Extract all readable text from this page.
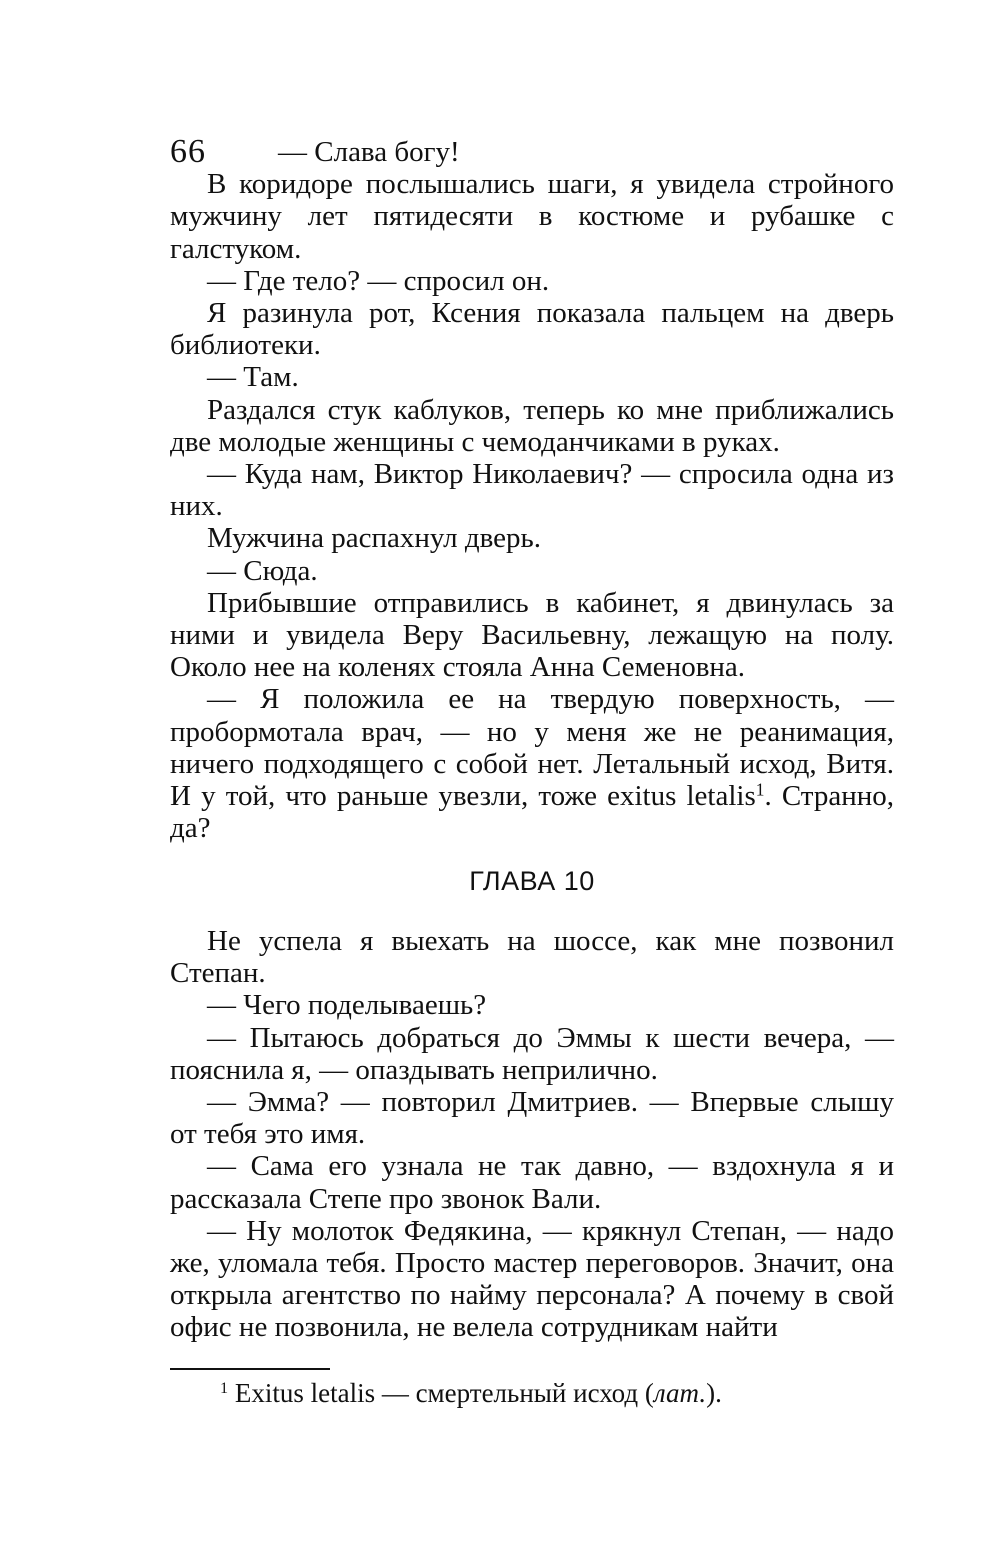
66	— Слава богу!

В коридоре послышались шаги, я увидела стройного мужчину лет пятидесяти в костюме и рубашке с галстуком.

— Где тело? — спросил он.

Я разинула рот, Ксения показала пальцем на дверь библиотеки.

— Там.

Раздался стук каблуков, теперь ко мне приближались две молодые женщины с чемоданчиками в руках.

— Куда нам, Виктор Николаевич? — спросила одна из них.

Мужчина распахнул дверь.

— Сюда.

Прибывшие отправились в кабинет, я двинулась за ними и увидела Веру Васильевну, лежащую на полу. Около нее на коленях стояла Анна Семеновна.

— Я положила ее на твердую поверхность, — пробормотала врач, — но у меня же не реанимация, ничего подходящего с собой нет. Летальный исход, Витя. И у той, что раньше увезли, тоже exitus letalis$^1$. Странно, да?

ГЛАВА 10

Не успела я выехать на шоссе, как мне позвонил Степан.

— Чего поделываешь?

— Пытаюсь добраться до Эммы к шести вечера, — пояснила я, — опаздывать неприлично.

— Эмма? — повторил Дмитриев. — Впервые слышу от тебя это имя.

— Сама его узнала не так давно, — вздохнула я и рассказала Степе про звонок Вали.

— Ну молоток Федякина, — крякнул Степан, — надо же, уломала тебя. Просто мастер переговоров. Значит, она открыла агентство по найму персонала? А почему в свой офис не позвонила, не велела сотрудникам найти

$^1$ Exitus letalis — смертельный исход (лат.).
